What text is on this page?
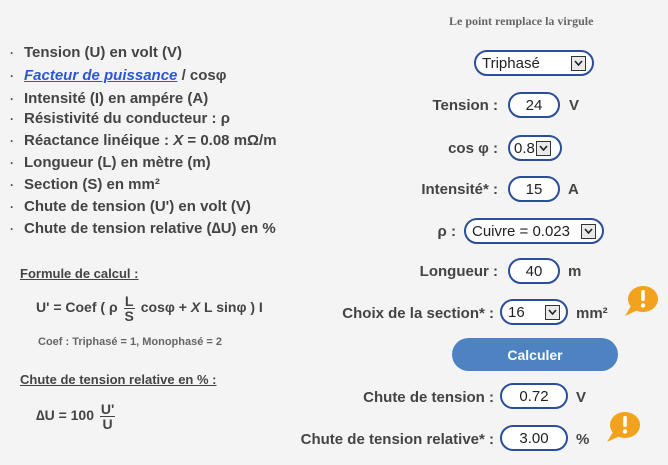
Le point remplace la virgule
· Tension (U) en volt (V)
· Facteur de puissance / cosφ
· Intensité (I) en ampére (A)
· Résistivité du conducteur : ρ
· Réactance linéique : X = 0.08 mΩ/m
· Longueur (L) en mètre (m)
· Section (S) en mm²
· Chute de tension (U') en volt (V)
· Chute de tension relative (∆U) en %
Formule de calcul :
U' = Coef ( ρ $\frac{L}{S}$ cosφ + X L sinφ ) I
Coef : Triphasé = 1, Monophasé = 2
Chute de tension relative en % :
$\Delta U = 100 \frac{U'}{U}$
Triphasé
Tension :	24	V
cos φ : 0.8
Intensité* :	15	A
ρ : Cuivre = 0.023
Longueur :	40	m
Choix de la section* : 16	mm²
Calculer
Chute de tension :	0.72	V
Chute de tension relative* :	3.00	%
